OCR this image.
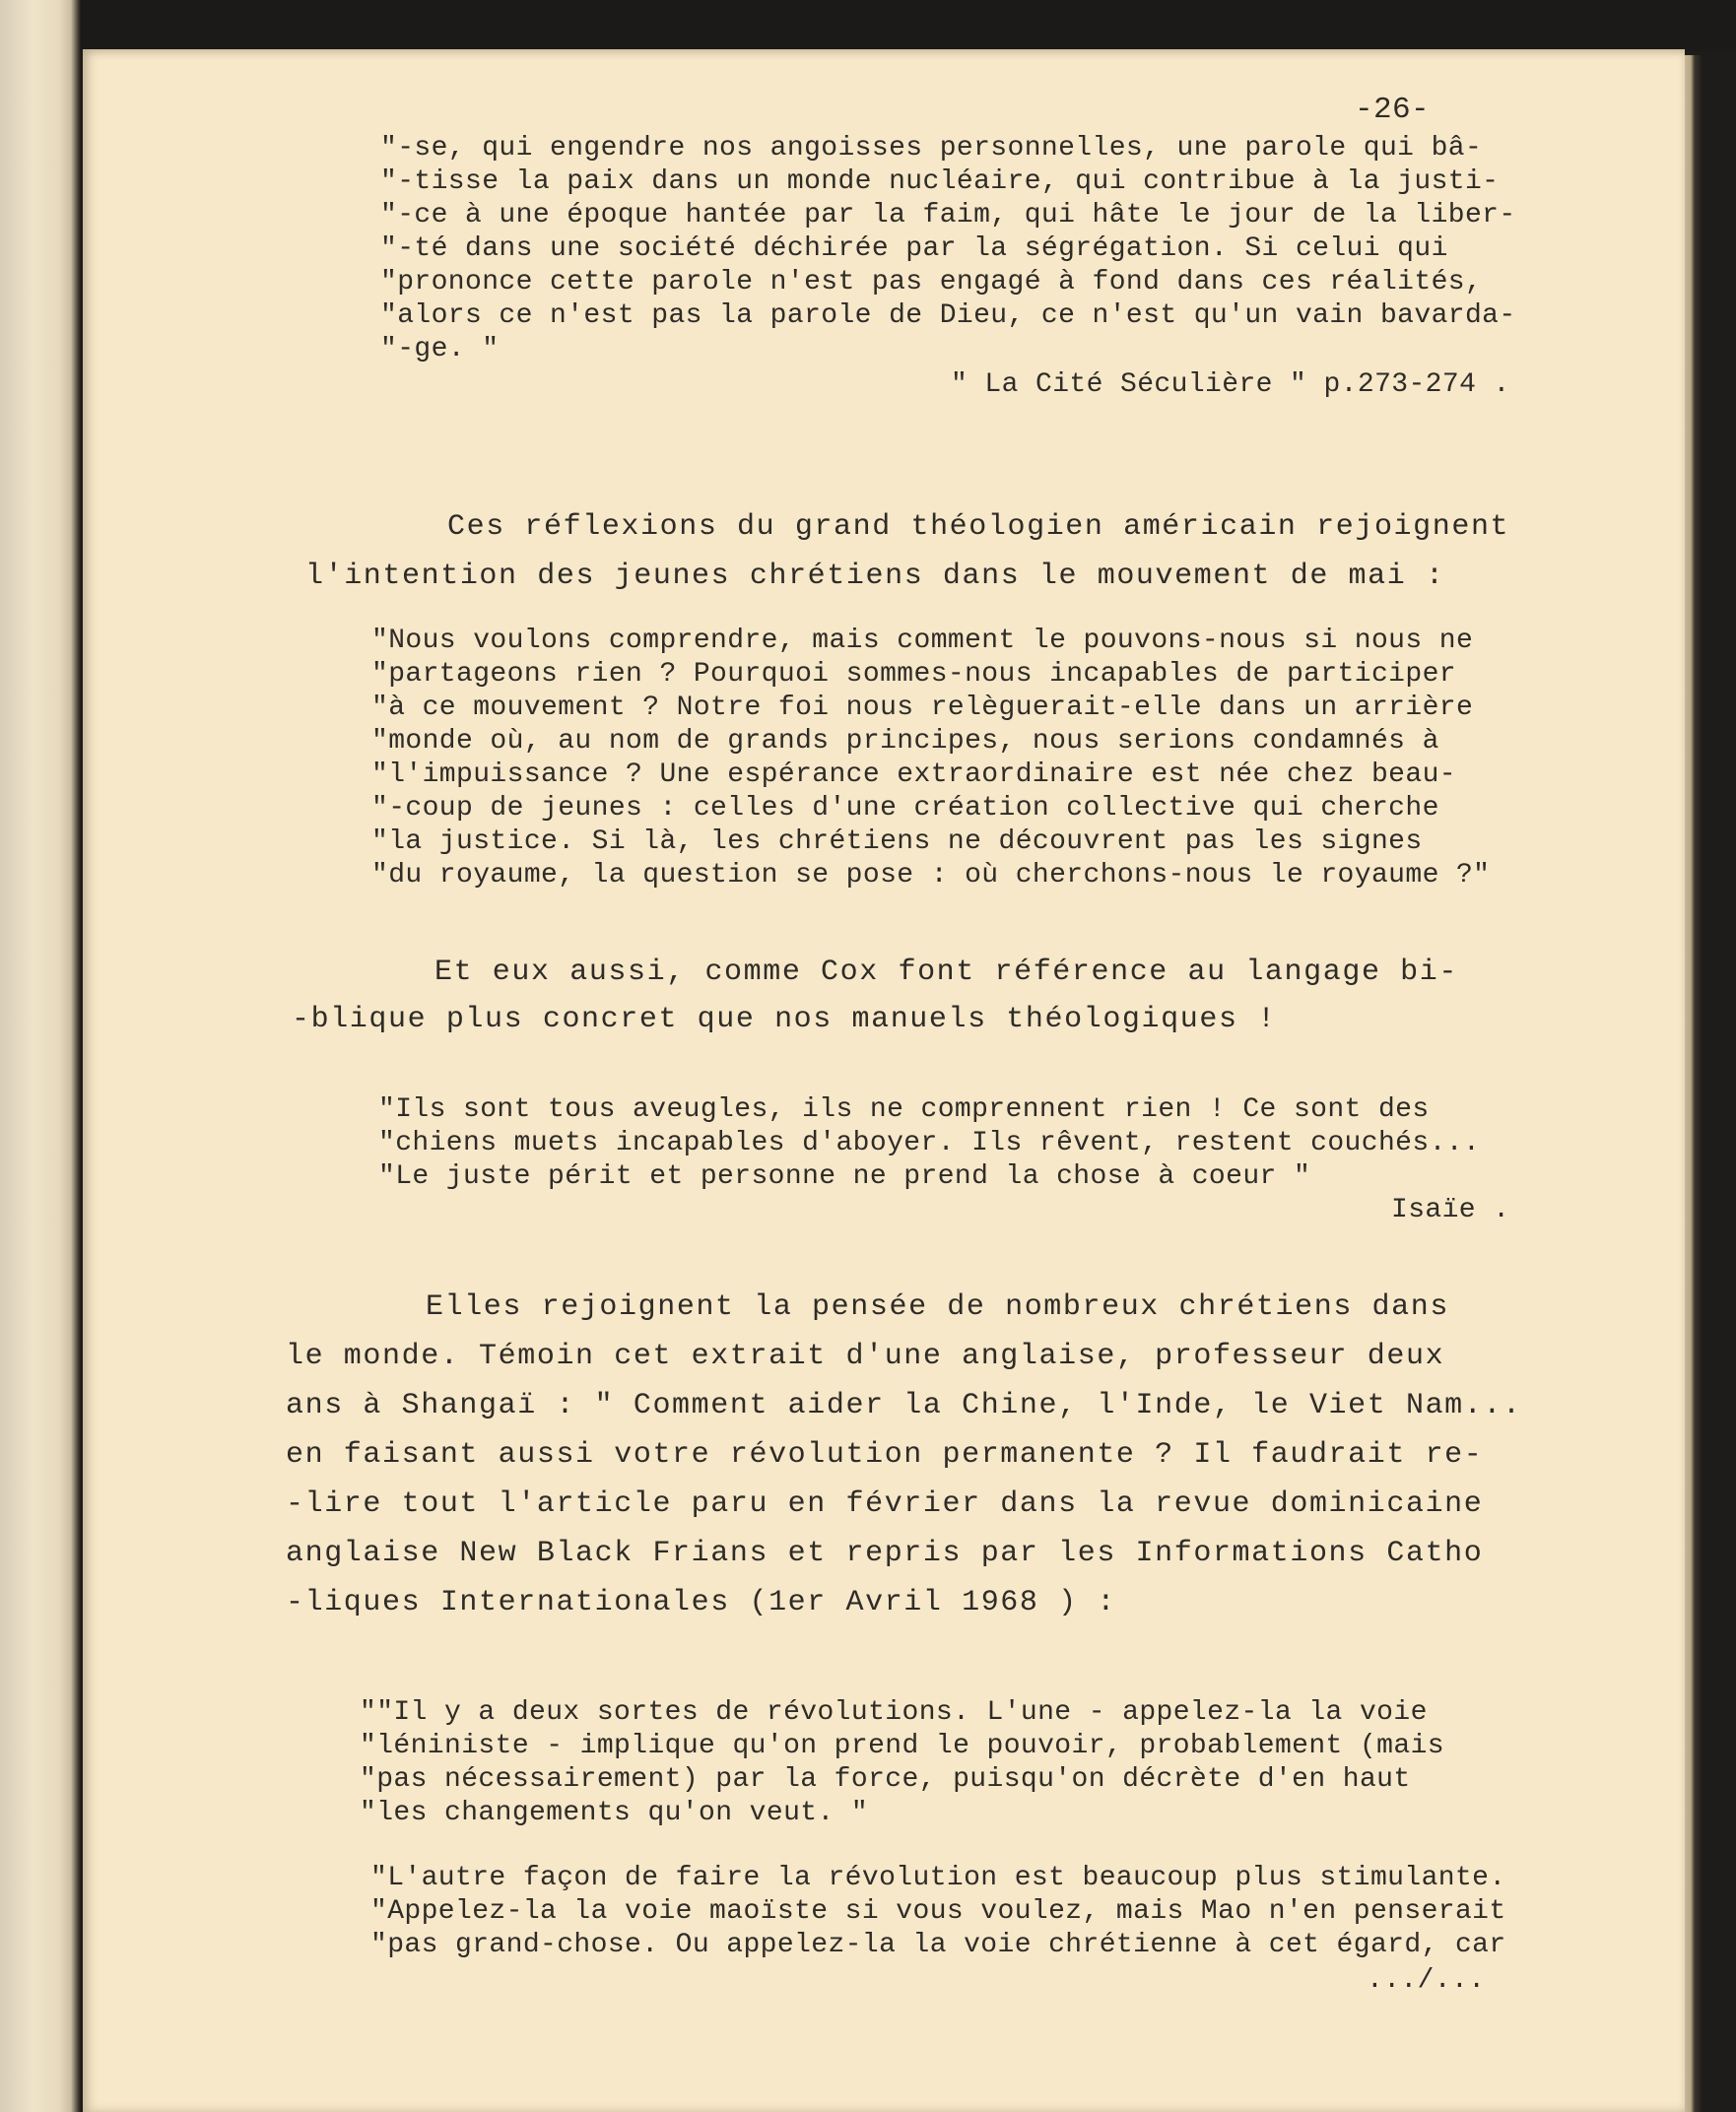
-26-
"-se, qui engendre nos angoisses personnelles, une parole qui bâ-
"-tisse la paix dans un monde nucléaire, qui contribue à la justi-
"-ce à une époque hantée par la faim, qui hâte le jour de la liber-
"-té dans une société déchirée par la ségrégation. Si celui qui
"prononce cette parole n'est pas engagé à fond dans ces réalités,
"alors ce n'est pas la parole de Dieu, ce n'est qu'un vain bavarda-
"-ge. "
" La Cité Séculière " p.273-274 .
Ces réflexions du grand théologien américain rejoignent
l'intention des jeunes chrétiens dans le mouvement de mai :
"Nous voulons comprendre, mais comment le pouvons-nous si nous ne
"partageons rien ? Pourquoi sommes-nous incapables de participer
"à ce mouvement ? Notre foi nous relèguerait-elle dans un arrière
"monde où, au nom de grands principes, nous serions condamnés à
"l'impuissance ? Une espérance extraordinaire est née chez beau-
"-coup de jeunes : celles d'une création collective qui cherche
"la justice. Si là, les chrétiens ne découvrent pas les signes
"du royaume, la question se pose : où cherchons-nous le royaume ?"
Et eux aussi, comme Cox font référence au langage bi-
-blique plus concret que nos manuels théologiques !
"Ils sont tous aveugles, ils ne comprennent rien ! Ce sont des
"chiens muets incapables d'aboyer. Ils rêvent, restent couchés...
"Le juste périt et personne ne prend la chose à coeur "
Isaïe .
Elles rejoignent la pensée de nombreux chrétiens dans
le monde. Témoin cet extrait d'une anglaise, professeur deux
ans à Shangaï : " Comment aider la Chine, l'Inde, le Viet Nam...
en faisant aussi votre révolution permanente ? Il faudrait re-
-lire tout l'article paru en février dans la revue dominicaine
anglaise New Black Frians et repris par les Informations Catho
-liques Internationales (1er Avril 1968 ) :
""Il y a deux sortes de révolutions. L'une - appelez-la la voie
"léniniste - implique qu'on prend le pouvoir, probablement (mais
"pas nécessairement) par la force, puisqu'on décrète d'en haut
"les changements qu'on veut. "
"L'autre façon de faire la révolution est beaucoup plus stimulante.
"Appelez-la la voie maoïste si vous voulez, mais Mao n'en penserait
"pas grand-chose. Ou appelez-la la voie chrétienne à cet égard, car
.../...
